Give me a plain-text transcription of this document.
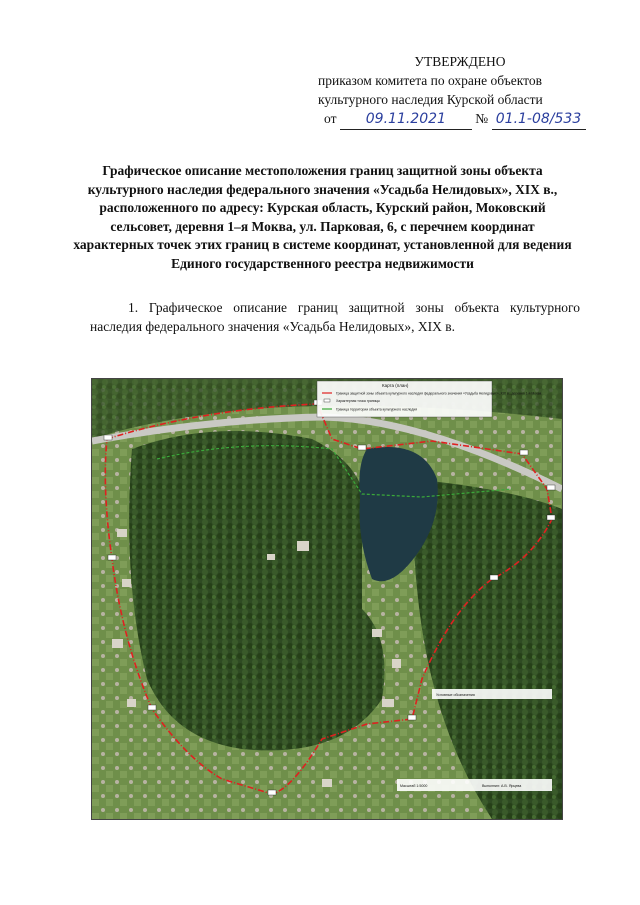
УТВЕРЖДЕНО
приказом комитета по охране объектов
культурного наследия Курской области
от 09.11.2021 № 01.1-08/533
Графическое описание местоположения границ защитной зоны объекта культурного наследия федерального значения «Усадьба Нелидовых», XIX в., расположенного по адресу: Курская область, Курский район, Моковский сельсовет, деревня 1–я Моква, ул. Парковая, 6, с перечнем координат характерных точек этих границ в системе координат, установленной для ведения Единого государственного реестра недвижимости
1. Графическое описание границ защитной зоны объекта культурного наследия федерального значения «Усадьба Нелидовых», XIX в.
Карта (план)
Граница защитной зоны объекта культурного наследия федерального значения «Усадьба Нелидовых», XIX в., деревня 1-я Моква
Характерная точка границы
Граница территории объекта культурного наследия
Условные обозначения
Масштаб 1:5000	Выполнил: А.В. Ярцева
